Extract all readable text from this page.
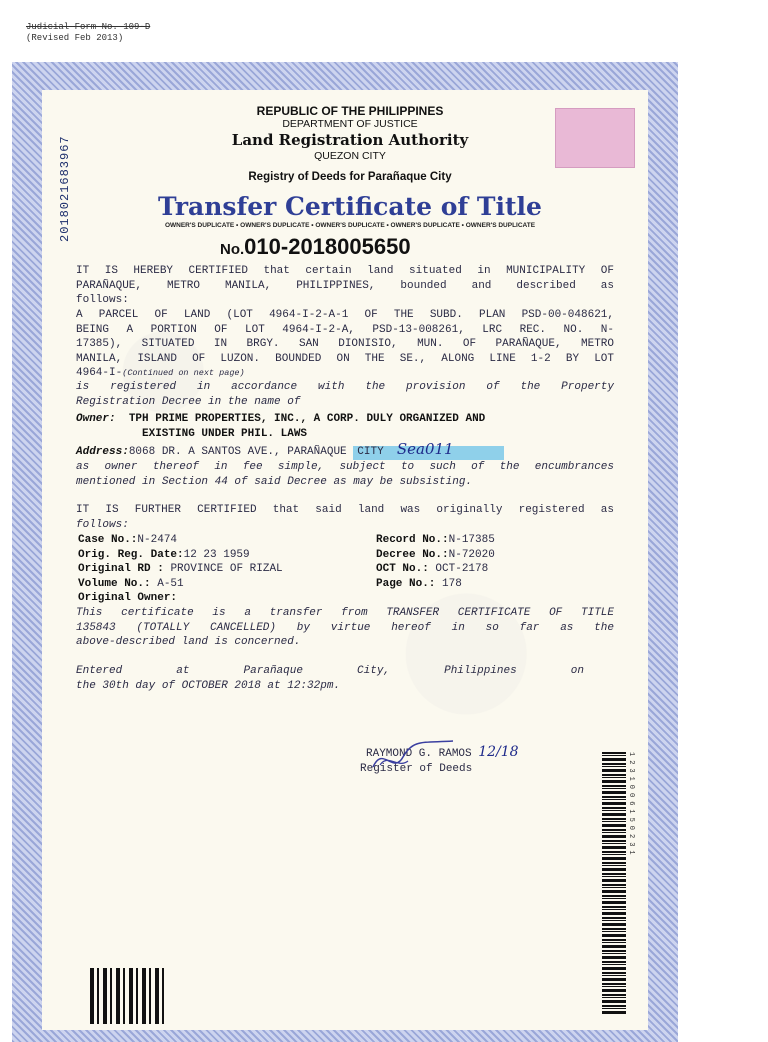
Judicial Form No. 109-D
(Revised Feb 2013)
2018021683967
REPUBLIC OF THE PHILIPPINES
DEPARTMENT OF JUSTICE
Land Registration Authority
QUEZON CITY
Registry of Deeds for Parañaque City
Transfer Certificate of Title
OWNER'S DUPLICATE • OWNER'S DUPLICATE • OWNER'S DUPLICATE • OWNER'S DUPLICATE • OWNER'S DUPLICATE
No.010-2018005650
IT IS HEREBY CERTIFIED that certain land situated in MUNICIPALITY OF
PARAÑAQUE, METRO MANILA, PHILIPPINES, bounded and described as
follows:
A PARCEL OF LAND (LOT 4964-I-2-A-1 OF THE SUBD. PLAN PSD-00-048621,
BEING A PORTION OF LOT 4964-I-2-A, PSD-13-008261, LRC REC. NO. N-
17385), SITUATED IN BRGY. SAN DIONISIO, MUN. OF PARAÑAQUE, METRO
MANILA, ISLAND OF LUZON. BOUNDED ON THE SE., ALONG LINE 1-2 BY LOT
4964-I-(Continued on next page)
is registered in accordance with the provision of the Property
Registration Decree in the name of
Owner: TPH PRIME PROPERTIES, INC., A CORP. DULY ORGANIZED AND
EXISTING UNDER PHIL. LAWS
Address:8068 DR. A SANTOS AVE., PARAÑAQUE CITY Sea011
as owner thereof in fee simple, subject to such of the encumbrances
mentioned in Section 44 of said Decree as may be subsisting.
IT IS FURTHER CERTIFIED that said land was originally registered as
follows:
Case No.:N-2474	Record No.:N-17385
Orig. Reg. Date:12 23 1959	Decree No.:N-72020
Original RD : PROVINCE OF RIZAL	OCT No.: OCT-2178
Volume No.: A-51	Page No.: 178
Original Owner:
This certificate is a transfer from TRANSFER CERTIFICATE OF TITLE
135843 (TOTALLY CANCELLED) by virtue hereof in so far as the
above-described land is concerned.
Entered at Parañaque City, Philippines on
the 30th day of OCTOBER 2018 at 12:32pm.
RAYMOND G. RAMOS 12/18
Register of Deeds	1231006150231
